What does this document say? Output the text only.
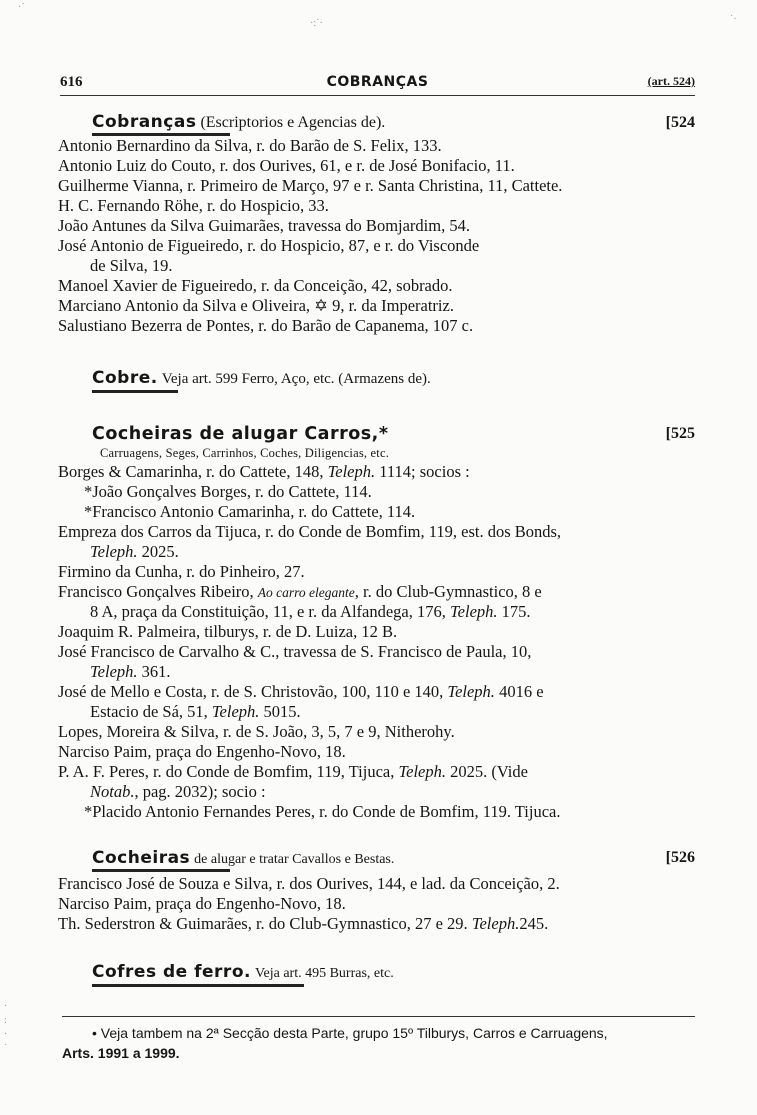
·˙
·:˙·	˙·
616	COBRANÇAS	(art. 524)
Cobranças (Escriptorios e Agencias de).	[524
Antonio Bernardino da Silva, r. do Barão de S. Felix, 133.
Antonio Luiz do Couto, r. dos Ourives, 61, e r. de José Bonifacio, 11.
Guilherme Vianna, r. Primeiro de Março, 97 e r. Santa Christina, 11, Cattete.
H. C. Fernando Röhe, r. do Hospicio, 33.
João Antunes da Silva Guimarães, travessa do Bomjardim, 54.
José Antonio de Figueiredo, r. do Hospicio, 87, e r. do Visconde
de Silva, 19.
Manoel Xavier de Figueiredo, r. da Conceição, 42, sobrado.
Marciano Antonio da Silva e Oliveira, ✡ 9, r. da Imperatriz.
Salustiano Bezerra de Pontes, r. do Barão de Capanema, 107 c.
Cobre. Veja art. 599 Ferro, Aço, etc. (Armazens de).
Cocheiras de alugar Carros,*	[525
Carruagens, Seges, Carrinhos, Coches, Diligencias, etc.
Borges & Camarinha, r. do Cattete, 148, Teleph. 1114; socios :
*João Gonçalves Borges, r. do Cattete, 114.
*Francisco Antonio Camarinha, r. do Cattete, 114.
Empreza dos Carros da Tijuca, r. do Conde de Bomfim, 119, est. dos Bonds,
Teleph. 2025.
Firmino da Cunha, r. do Pinheiro, 27.
Francisco Gonçalves Ribeiro, Ao carro elegante, r. do Club-Gymnastico, 8 e
8 A, praça da Constituição, 11, e r. da Alfandega, 176, Teleph. 175.
Joaquim R. Palmeira, tilburys, r. de D. Luiza, 12 B.
José Francisco de Carvalho & C., travessa de S. Francisco de Paula, 10,
Teleph. 361.
José de Mello e Costa, r. de S. Christovão, 100, 110 e 140, Teleph. 4016 e
Estacio de Sá, 51, Teleph. 5015.
Lopes, Moreira & Silva, r. de S. João, 3, 5, 7 e 9, Nitherohy.
Narciso Paim, praça do Engenho-Novo, 18.
P. A. F. Peres, r. do Conde de Bomfim, 119, Tijuca, Teleph. 2025. (Vide
Notab., pag. 2032); socio :
*Placido Antonio Fernandes Peres, r. do Conde de Bomfim, 119. Tijuca.
Cocheiras de alugar e tratar Cavallos e Bestas.	[526
Francisco José de Souza e Silva, r. dos Ourives, 144, e lad. da Conceição, 2.
Narciso Paim, praça do Engenho-Novo, 18.
Th. Sederstron & Guimarães, r. do Club-Gymnastico, 27 e 29. Teleph.245.
Cofres de ferro. Veja art. 495 Burras, etc.
• Veja tambem na 2ª Secção desta Parte, grupo 15º Tilburys, Carros e Carruagens,
Arts. 1991 a 1999.
·
:
·
˙
